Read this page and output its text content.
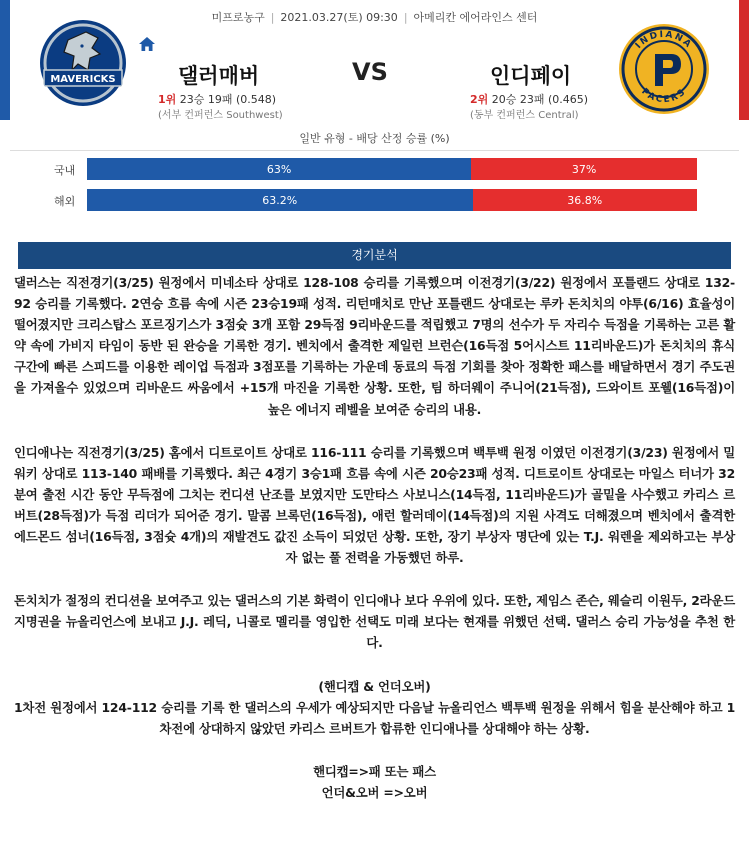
미프로농구 | 2021.03.27(토) 09:30 | 아메리칸 에어라인스 센터
MAVERICKS
INDIANA
PACERS
댈러매버	VS	인디페이
1위 23승 19패 (0.548)
(서부 컨퍼런스 Southwest)
2위 20승 23패 (0.465)
(동부 컨퍼런스 Central)
일반 유형 - 배당 산정 승률 (%)
국내	63%	37%
해외	63.2%	36.8%
경기분석

댈러스는 직전경기(3/25) 원정에서 미네소타 상대로 128-108 승리를 기록했으며 이전경기(3/22) 원정에서 포틀랜드 상대로 132-92 승리를 기록했다. 2연승 흐름 속에 시즌 23승19패 성적. 리턴매치로 만난 포틀랜드 상대로는 루카 돈치치의 야투(6/16) 효율성이 떨어졌지만 크리스탑스 포르징기스가 3점슛 3개 포함 29득점 9리바운드를 적립했고 7명의 선수가 두 자리수 득점을 기록하는 고른 활약 속에 가비지 타임이 동반 된 완승을 기록한 경기. 벤치에서 출격한 제일런 브런슨(16득점 5어시스트 11리바운드)가 돈치치의 휴식 구간에 빠른 스피드를 이용한 레이업 득점과 3점포를 기록하는 가운데 동료의 득점 기회를 찾아 정확한 패스를 배달하면서 경기 주도권을 가져올수 있었으며 리바운드 싸움에서 +15개 마진을 기록한 상황. 또한, 팀 하더웨이 주니어(21득점), 드와이트 포웰(16득점)이 높은 에너지 레벨을 보여준 승리의 내용.

인디애나는 직전경기(3/25) 홈에서 디트로이트 상대로 116-111 승리를 기록했으며 백투백 원정 이였던 이전경기(3/23) 원정에서 밀워키 상대로 113-140 패배를 기록했다. 최근 4경기 3승1패 흐름 속에 시즌 20승23패 성적. 디트로이트 상대로는 마일스 터너가 32분여 출전 시간 동안 무득점에 그치는 컨디션 난조를 보였지만 도만타스 사보니스(14득점, 11리바운드)가 골밑을 사수했고 카리스 르버트(28득점)가 득점 리더가 되어준 경기. 말콤 브록던(16득점), 애런 할러데이(14득점)의 지원 사격도 더해졌으며 벤치에서 출격한 에드몬드 섬너(16득점, 3점슛 4개)의 재발견도 값진 소득이 되었던 상황. 또한, 장기 부상자 명단에 있는 T.J. 워렌을 제외하고는 부상자 없는 풀 전력을 가동했던 하루.

돈치치가 절정의 컨디션을 보여주고 있는 댈러스의 기본 화력이 인디애나 보다 우위에 있다. 또한, 제임스 존슨, 웨슬리 이원두, 2라운드 지명권을 뉴올리언스에 보내고 J.J. 레딕, 니콜로 멜리를 영입한 선택도 미래 보다는 현재를 위했던 선택. 댈러스 승리 가능성을 추천 한다.

(핸디캡 & 언더오버)

1차전 원정에서 124-112 승리를 기록 한 댈러스의 우세가 예상되지만 다음날 뉴올리언스 백투백 원정을 위해서 힘을 분산해야 하고 1차전에 상대하지 않았던 카리스 르버트가 합류한 인디애나를 상대해야 하는 상황.

핸디캡=>패 또는 패스

언더&오버 =>오버
